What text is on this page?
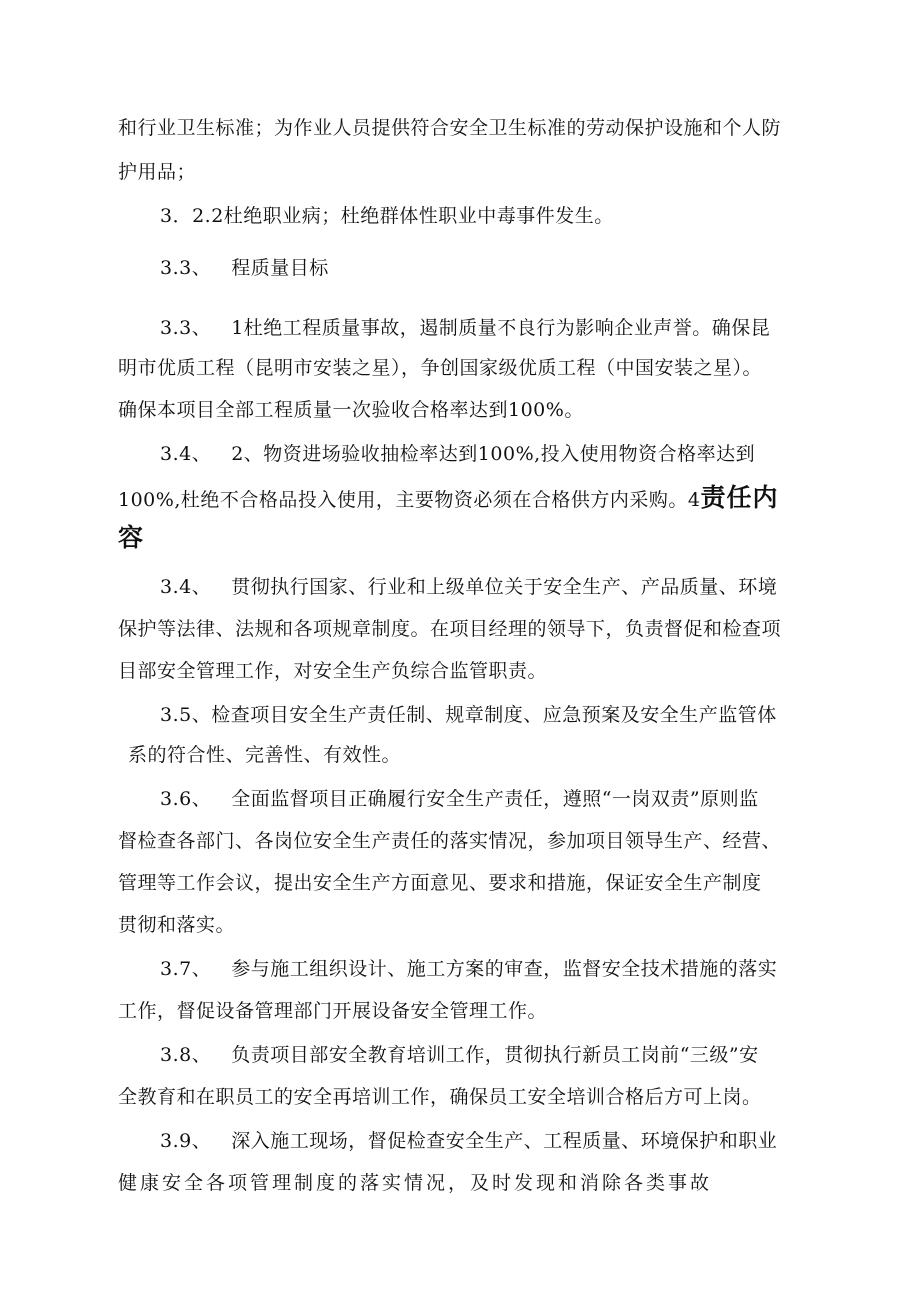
和行业卫生标准；为作业人员提供符合安全卫生标准的劳动保护设施和个人防
护用品；
3．2.2杜绝职业病；杜绝群体性职业中毒事件发生。
3.3、 程质量目标
3.3、 1杜绝工程质量事故，遏制质量不良行为影响企业声誉。确保昆
明市优质工程（昆明市安装之星），争创国家级优质工程（中国安装之星）。
确保本项目全部工程质量一次验收合格率达到100%。
3.4、 2、物资进场验收抽检率达到100%,投入使用物资合格率达到
100%,杜绝不合格品投入使用，主要物资必须在合格供方内采购。4责任内
容
3.4、 贯彻执行国家、行业和上级单位关于安全生产、产品质量、环境
保护等法律、法规和各项规章制度。在项目经理的领导下，负责督促和检查项
目部安全管理工作，对安全生产负综合监管职责。
3.5、检查项目安全生产责任制、规章制度、应急预案及安全生产监管体
系的符合性、完善性、有效性。
3.6、 全面监督项目正确履行安全生产责任，遵照“一岗双责”原则监
督检查各部门、各岗位安全生产责任的落实情况，参加项目领导生产、经营、
管理等工作会议，提出安全生产方面意见、要求和措施，保证安全生产制度
贯彻和落实。
3.7、 参与施工组织设计、施工方案的审查，监督安全技术措施的落实
工作，督促设备管理部门开展设备安全管理工作。
3.8、 负责项目部安全教育培训工作，贯彻执行新员工岗前“三级”安
全教育和在职员工的安全再培训工作，确保员工安全培训合格后方可上岗。
3.9、 深入施工现场，督促检查安全生产、工程质量、环境保护和职业
健康安全各项管理制度的落实情况，及时发现和消除各类事故
